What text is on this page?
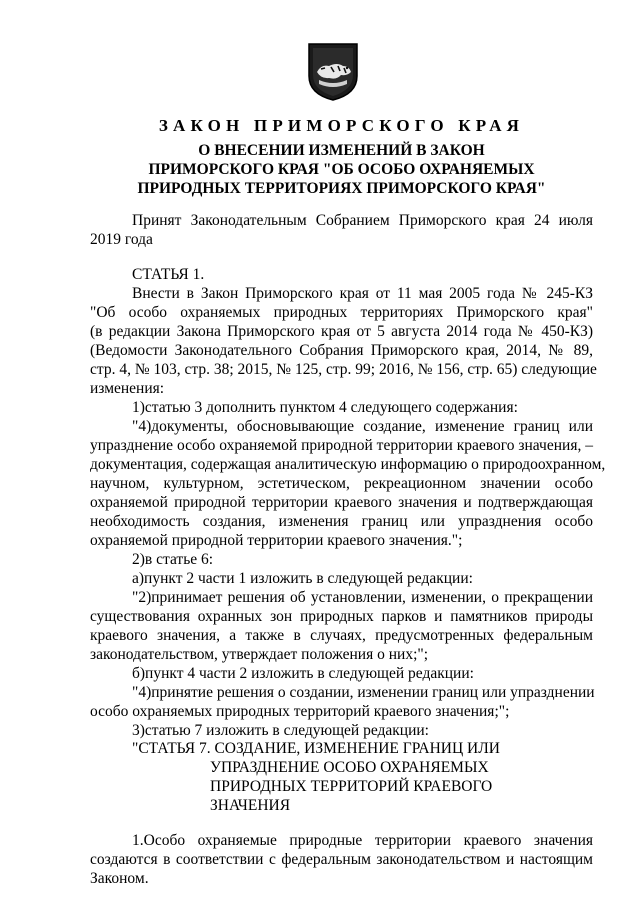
ЗАКОН ПРИМОРСКОГО КРАЯ
О ВНЕСЕНИИ ИЗМЕНЕНИЙ В ЗАКОН
ПРИМОРСКОГО КРАЯ "ОБ ОСОБО ОХРАНЯЕМЫХ
ПРИРОДНЫХ ТЕРРИТОРИЯХ ПРИМОРСКОГО КРАЯ"
Принят Законодательным Собранием Приморского края 24 июля
2019 года
СТАТЬЯ 1.
Внести в Закон Приморского края от 11 мая 2005 года № 245-КЗ
"Об особо охраняемых природных территориях Приморского края"
(в редакции Закона Приморского края от 5 августа 2014 года № 450-КЗ)
(Ведомости Законодательного Собрания Приморского края, 2014, № 89,
стр. 4, № 103, стр. 38; 2015, № 125, стр. 99; 2016, № 156, стр. 65) следующие
изменения:
1)статью 3 дополнить пунктом 4 следующего содержания:
"4)документы, обосновывающие создание, изменение границ или
упразднение особо охраняемой природной территории краевого значения, –
документация, содержащая аналитическую информацию о природоохранном,
научном, культурном, эстетическом, рекреационном значении особо
охраняемой природной территории краевого значения и подтверждающая
необходимость создания, изменения границ или упразднения особо
охраняемой природной территории краевого значения.";
2)в статье 6:
а)пункт 2 части 1 изложить в следующей редакции:
"2)принимает решения об установлении, изменении, о прекращении
существования охранных зон природных парков и памятников природы
краевого значения, а также в случаях, предусмотренных федеральным
законодательством, утверждает положения о них;";
б)пункт 4 части 2 изложить в следующей редакции:
"4)принятие решения о создании, изменении границ или упразднении
особо охраняемых природных территорий краевого значения;";
3)статью 7 изложить в следующей редакции:
"СТАТЬЯ 7. СОЗДАНИЕ, ИЗМЕНЕНИЕ ГРАНИЦ ИЛИ
УПРАЗДНЕНИЕ ОСОБО ОХРАНЯЕМЫХ
ПРИРОДНЫХ ТЕРРИТОРИЙ КРАЕВОГО
ЗНАЧЕНИЯ
1.Особо охраняемые природные территории краевого значения
создаются в соответствии с федеральным законодательством и настоящим
Законом.
